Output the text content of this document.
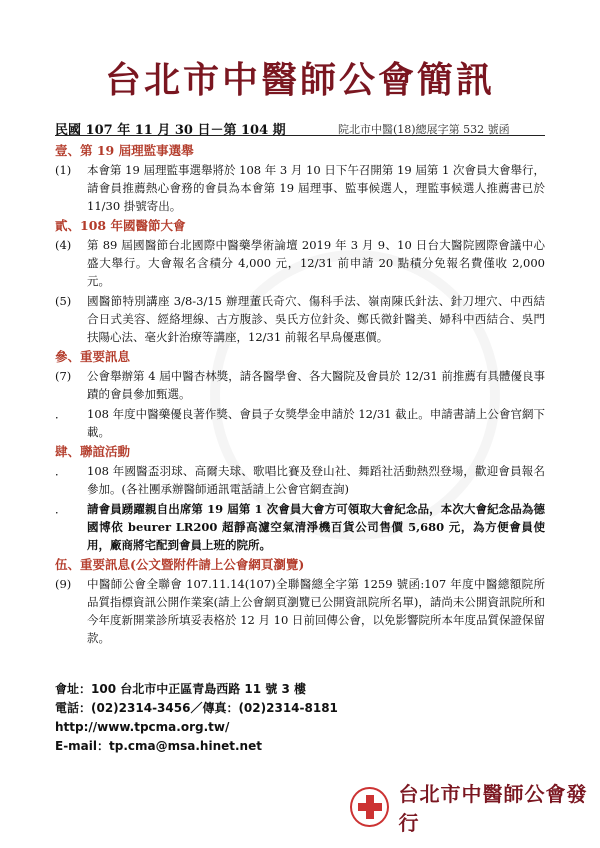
台北市中醫師公會簡訊
民國 107 年 11 月 30 日－第 104 期	院北市中醫(18)總展字第 532 號函
壹、第 19 屆理監事選舉
(1)	本會第 19 屆理監事選舉將於 108 年 3 月 10 日下午召開第 19 屆第 1 次會員大會舉行，請會員推薦熱心會務的會員為本會第 19 屆理事、監事候選人，理監事候選人推薦書已於 11/30 掛號寄出。
貳、108 年國醫節大會
(4)	第 89 屆國醫節台北國際中醫藥學術論壇 2019 年 3 月 9、10 日台大醫院國際會議中心盛大舉行。大會報名含積分 4,000 元，12/31 前申請 20 點積分免報名費僅收 2,000 元。
(5)	國醫節特別講座 3/8-3/15 辦理董氏奇穴、傷科手法、嶺南陳氏針法、針刀埋穴、中西結合日式美容、經絡埋線、古方腹診、吳氏方位針灸、鄭氏微針醫美、婦科中西結合、吳門扶陽心法、毫火針治療等講座，12/31 前報名早鳥優惠價。
參、重要訊息
(7)	公會舉辦第 4 屆中醫杏林獎，請各醫學會、各大醫院及會員於 12/31 前推薦有具體優良事蹟的會員參加甄選。
．	108 年度中醫藥優良著作獎、會員子女獎學金申請於 12/31 截止。申請書請上公會官網下載。
肆、聯誼活動
．	108 年國醫盃羽球、高爾夫球、歌唱比賽及登山社、舞蹈社活動熱烈登場，歡迎會員報名參加。(各社團承辦醫師通訊電話請上公會官網查詢)
．	請會員踴躍親自出席第 19 屆第 1 次會員大會方可領取大會紀念品，本次大會紀念品為德國博依 beurer LR200 超靜高濾空氣清淨機百貨公司售價 5,680 元，為方便會員使用，廠商將宅配到會員上班的院所。
伍、重要訊息(公文暨附件請上公會網頁瀏覽)
(9)	中醫師公會全聯會 107.11.14(107)全聯醫總全字第 1259 號函:107 年度中醫總額院所品質指標資訊公開作業案(請上公會網頁瀏覽已公開資訊院所名單)，請尚未公開資訊院所和今年度新開業診所填妥表格於 12 月 10 日前回傳公會，以免影響院所本年度品質保證保留款。
會址：100 台北市中正區青島西路 11 號 3 樓
電話：(02)2314-3456／傳真：(02)2314-8181
http://www.tpcma.org.tw/
E-mail：tp.cma@msa.hinet.net
台北市中醫師公會發行
